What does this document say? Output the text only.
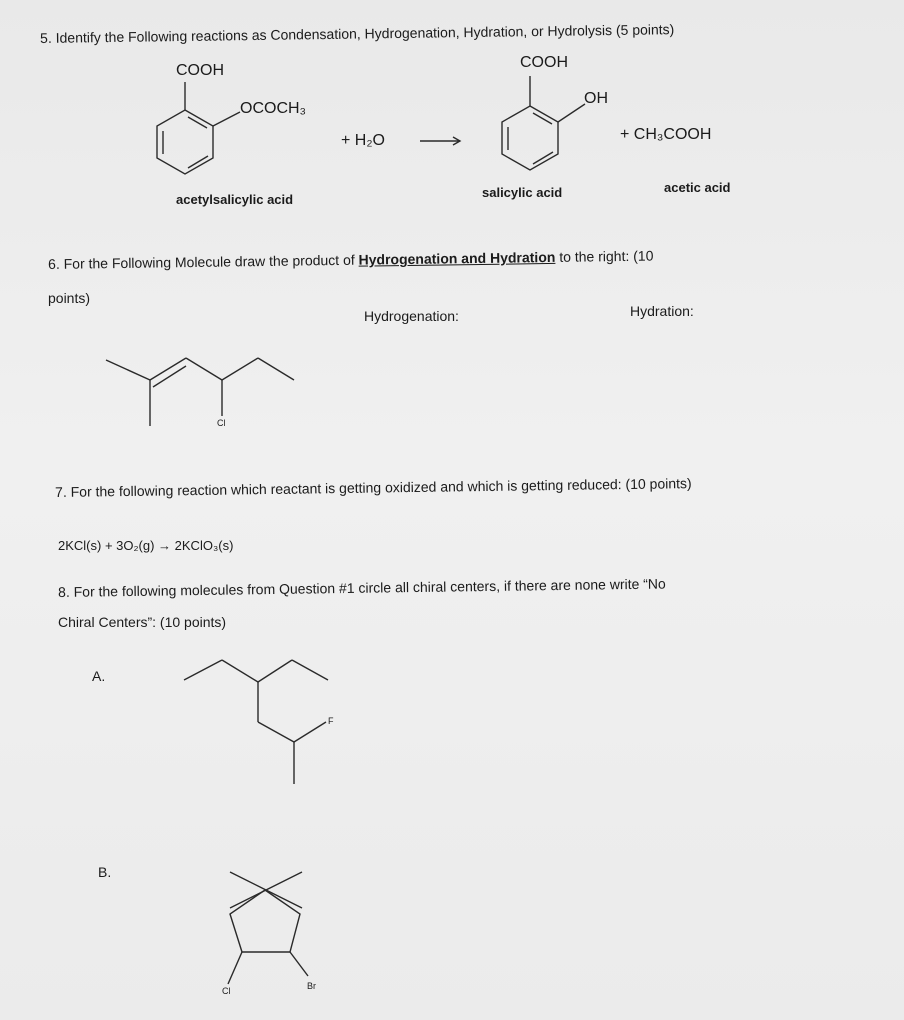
5. Identify the Following reactions as Condensation, Hydrogenation, Hydration, or Hydrolysis (5 points)
COOH
OCOCH₃
+ H₂O
COOH
OH
+ CH₃COOH
acetylsalicylic acid	salicylic acid	acetic acid
6. For the Following Molecule draw the product of Hydrogenation and Hydration to the right: (10
points)
Hydrogenation:	Hydration:
Cl
7. For the following reaction which reactant is getting oxidized and which is getting reduced: (10 points)
2KCl(s) + 3O₂(g) → 2KClO₃(s)
8. For the following molecules from Question #1 circle all chiral centers, if there are none write “No
Chiral Centers”: (10 points)
A.
B.
F
Cl	Br
